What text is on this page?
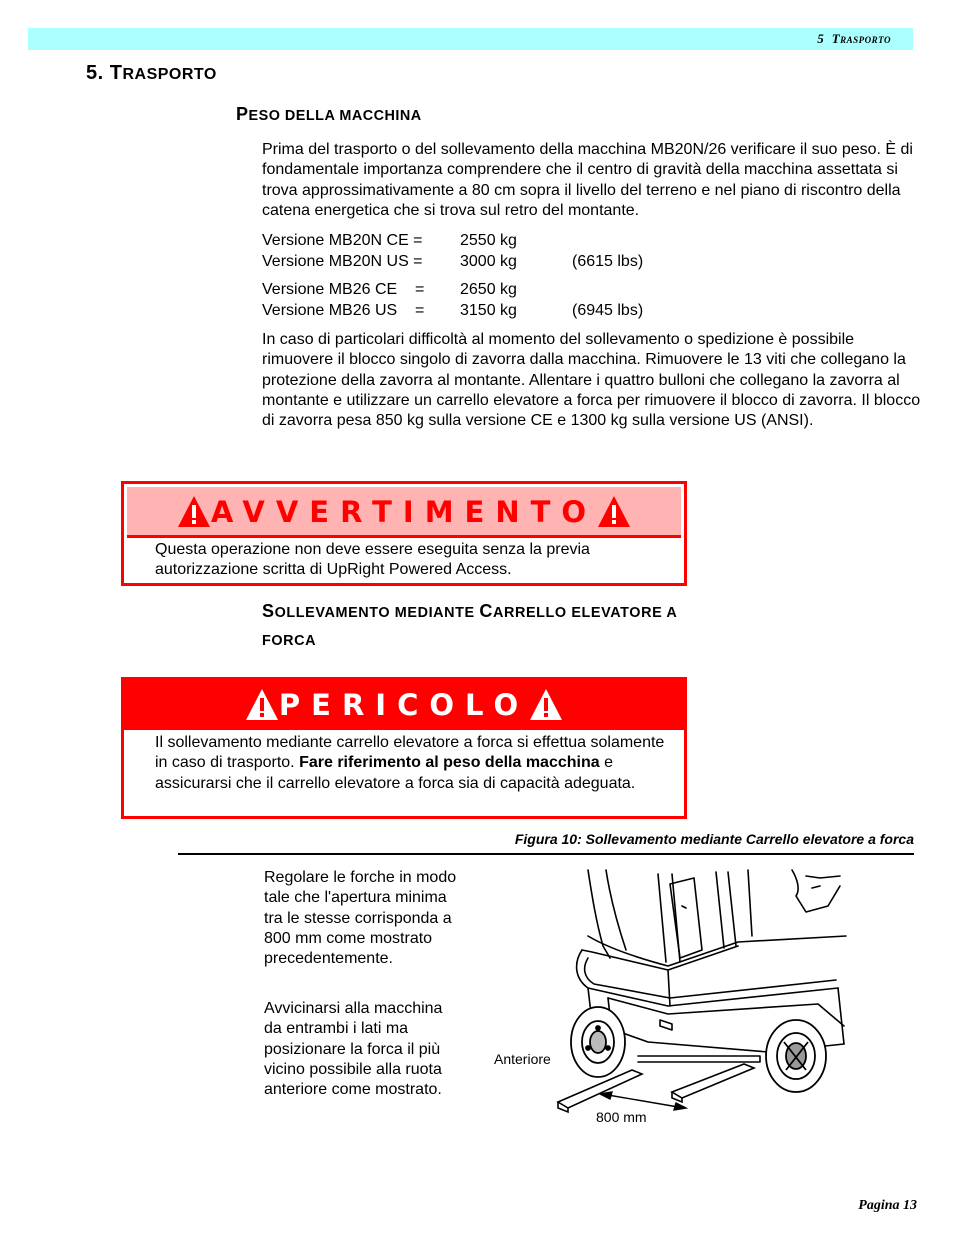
5 Trasporto
5. TRASPORTO
PESO DELLA MACCHINA
Prima del trasporto o del sollevamento della macchina MB20N/26 verificare il suo peso. È di fondamentale importanza comprendere che il centro di gravità della macchina assettata si trova approssimativamente a 80 cm sopra il livello del terreno e nel piano di riscontro della catena energetica che si trova sul retro del montante.
Versione MB20N CE = 2550 kg
Versione MB20N US = 3000 kg	(6615 lbs)
Versione MB26 CE    = 2650 kg
Versione MB26 US    = 3150 kg	(6945 lbs)
In caso di particolari difficoltà al momento del sollevamento o spedizione è possibile rimuovere il blocco singolo di zavorra dalla macchina. Rimuovere le 13 viti che collegano la protezione della zavorra al montante. Allentare i quattro bulloni che collegano la zavorra al montante e utilizzare un carrello elevatore a forca per rimuovere il blocco di zavorra. Il blocco di zavorra pesa 850 kg sulla versione CE e 1300 kg sulla versione US (ANSI).
AVVERTIMENTO
Questa operazione non deve essere eseguita senza la previa autorizzazione scritta di UpRight Powered Access.
SOLLEVAMENTO MEDIANTE CARRELLO ELEVATORE A
FORCA
PERICOLO
Il sollevamento mediante carrello elevatore a forca si effettua solamente in caso di trasporto. Fare riferimento al peso della macchina e assicurarsi che il carrello elevatore a forca sia di capacità adeguata.
Figura 10: Sollevamento mediante Carrello elevatore a forca
Regolare le forche in modo tale che l'apertura minima tra le stesse corrisponda a 800 mm come mostrato precedentemente.
Avvicinarsi alla macchina da entrambi i lati ma posizionare la forca il più vicino possibile alla ruota anteriore come mostrato.
Anteriore
800 mm
Pagina 13
